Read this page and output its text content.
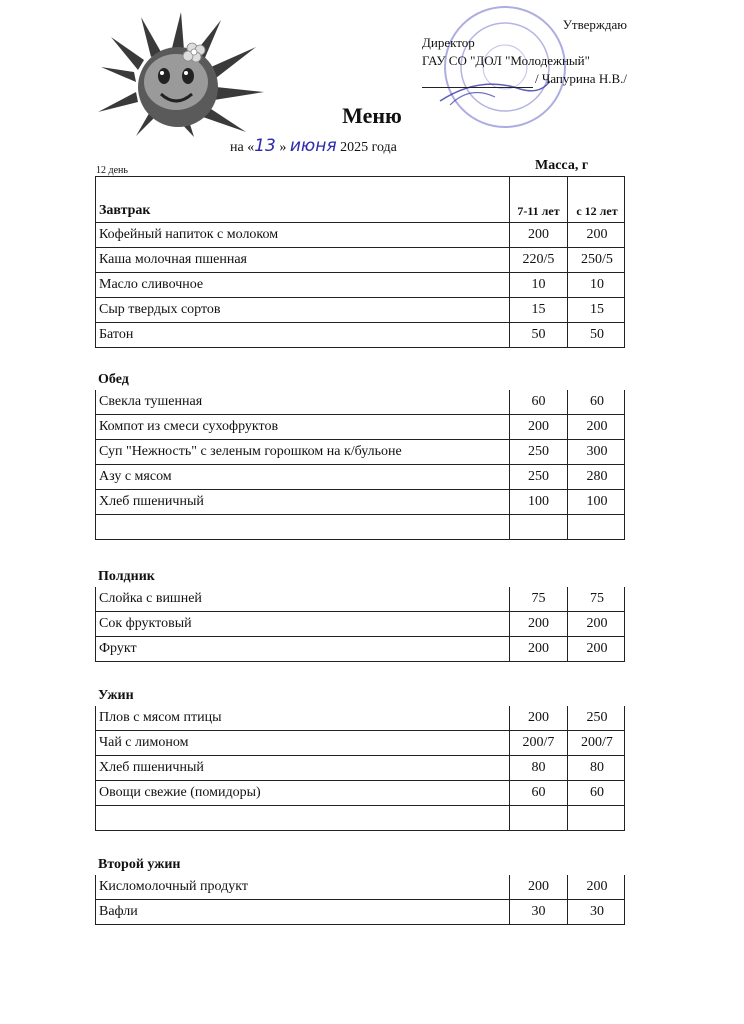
Утверждаю
Директор
ГАУ СО "ДОЛ "Молодежный"
/ Чапурина Н.В./
Меню
на «13 » июня 2025 года
12 день	Масса, г
Завтрак	7-11 лет	с 12 лет
Кофейный напиток с молоком	200	200
Каша молочная пшенная	220/5	250/5
Масло сливочное	10	10
Сыр твердых сортов	15	15
Батон	50	50
Обед
Свекла тушенная	60	60
Компот из смеси сухофруктов	200	200
Суп "Нежность" с зеленым горошком на к/бульоне	250	300
Азу с мясом	250	280
Хлеб пшеничный	100	100
Полдник
Слойка с вишней	75	75
Сок фруктовый	200	200
Фрукт	200	200
Ужин
Плов с мясом птицы	200	250
Чай с лимоном	200/7	200/7
Хлеб пшеничный	80	80
Овощи свежие (помидоры)	60	60
Второй ужин
Кисломолочный продукт	200	200
Вафли	30	30
